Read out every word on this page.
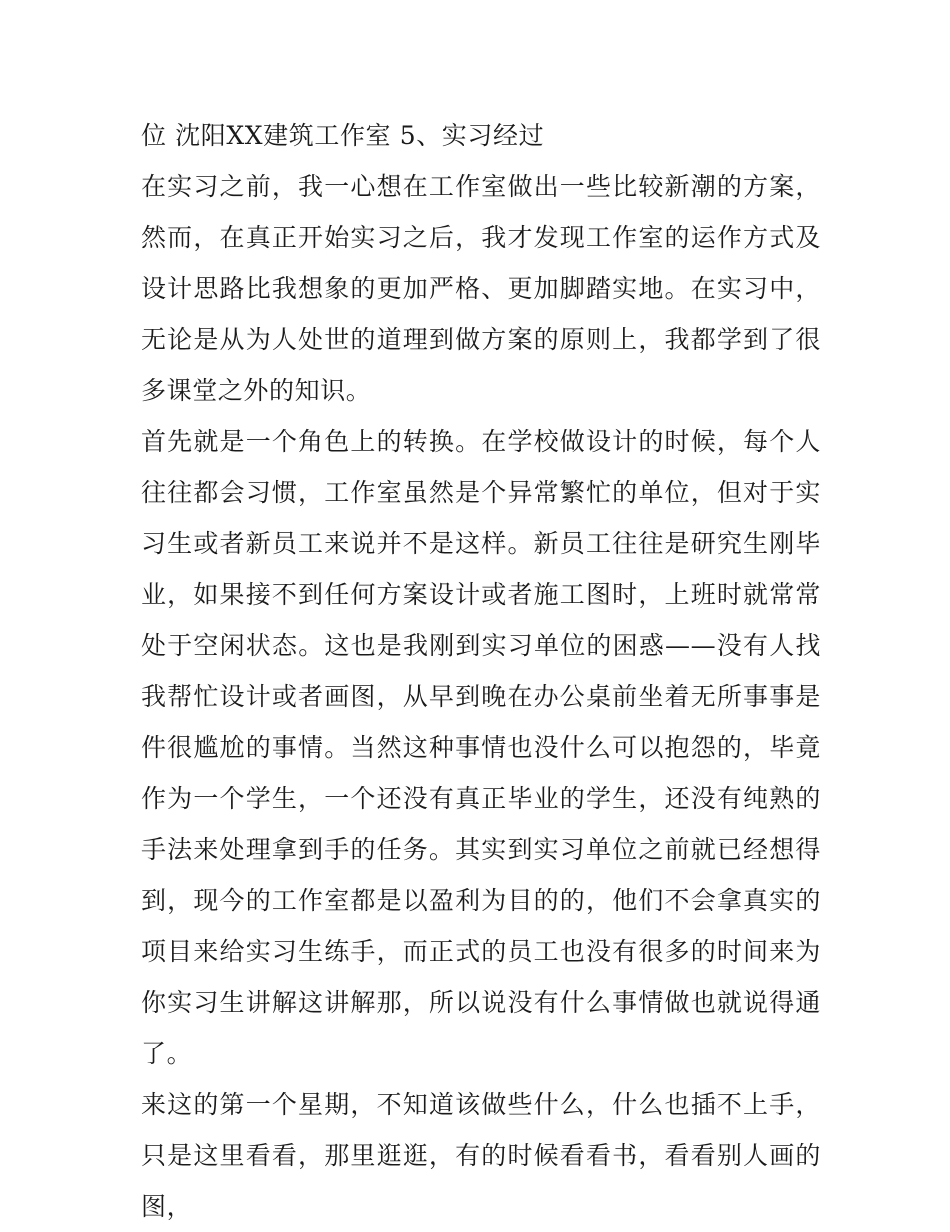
位 沈阳XX建筑工作室 5、实习经过

在实习之前，我一心想在工作室做出一些比较新潮的方案，然而，在真正开始实习之后，我才发现工作室的运作方式及设计思路比我想象的更加严格、更加脚踏实地。在实习中，无论是从为人处世的道理到做方案的原则上，我都学到了很多课堂之外的知识。

首先就是一个角色上的转换。在学校做设计的时候，每个人往往都会习惯，工作室虽然是个异常繁忙的单位，但对于实习生或者新员工来说并不是这样。新员工往往是研究生刚毕业，如果接不到任何方案设计或者施工图时，上班时就常常处于空闲状态。这也是我刚到实习单位的困惑——没有人找我帮忙设计或者画图，从早到晚在办公桌前坐着无所事事是件很尴尬的事情。当然这种事情也没什么可以抱怨的，毕竟作为一个学生，一个还没有真正毕业的学生，还没有纯熟的手法来处理拿到手的任务。其实到实习单位之前就已经想得到，现今的工作室都是以盈利为目的的，他们不会拿真实的项目来给实习生练手，而正式的员工也没有很多的时间来为你实习生讲解这讲解那，所以说没有什么事情做也就说得通了。

来这的第一个星期，不知道该做些什么，什么也插不上手，只是这里看看，那里逛逛，有的时候看看书，看看别人画的图，
